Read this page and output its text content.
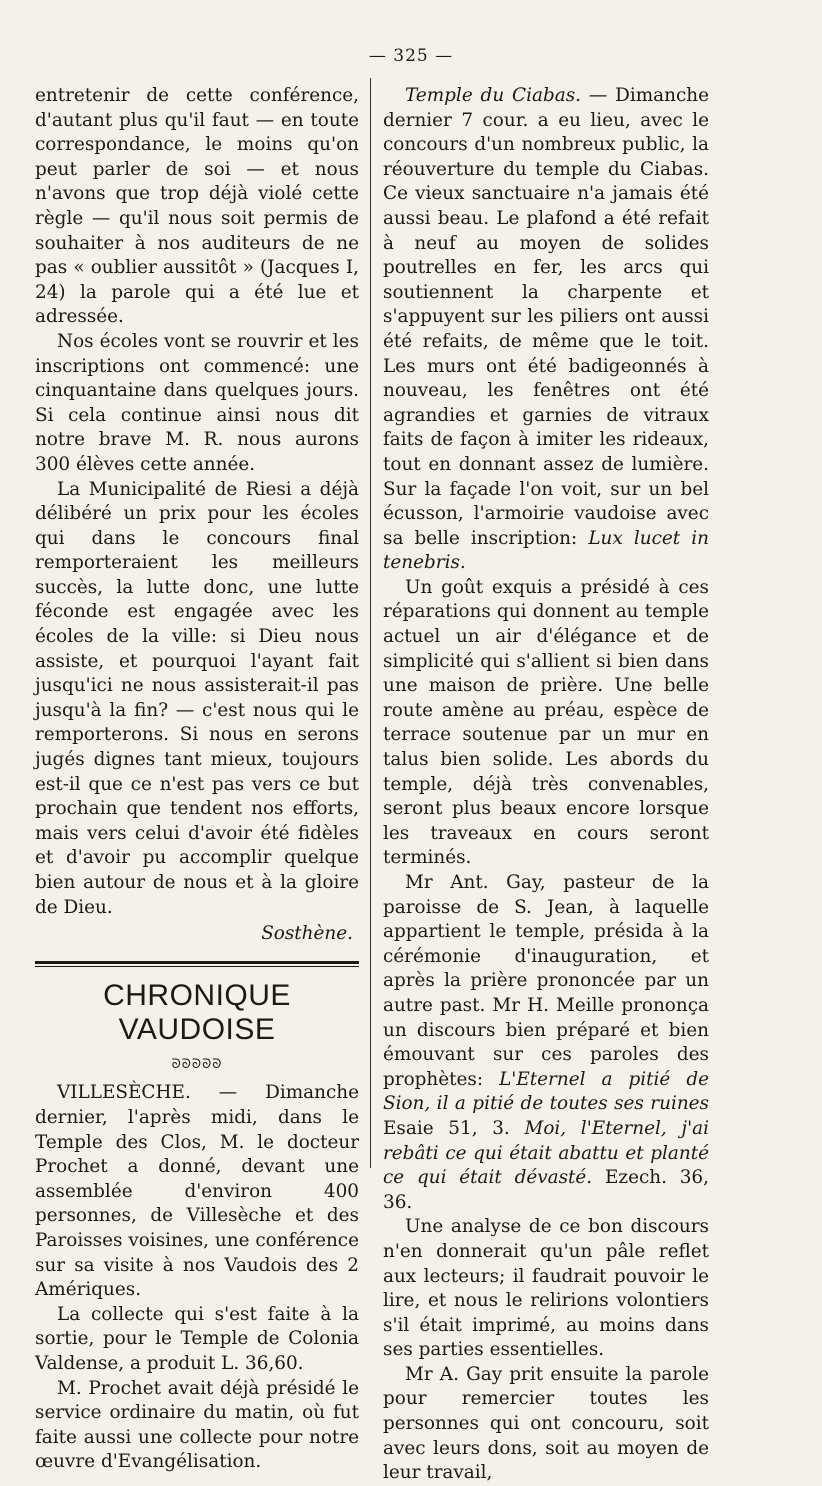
— 325 —

entretenir de cette conférence, d'autant plus qu'il faut — en toute correspondance, le moins qu'on peut parler de soi — et nous n'avons que trop déjà violé cette règle — qu'il nous soit permis de souhaiter à nos auditeurs de ne pas « oublier aussitôt » (Jacques I, 24) la parole qui a été lue et adressée.

Nos écoles vont se rouvrir et les inscriptions ont commencé: une cinquantaine dans quelques jours. Si cela continue ainsi nous dit notre brave M. R. nous aurons 300 élèves cette année.

La Municipalité de Riesi a déjà délibéré un prix pour les écoles qui dans le concours final remporteraient les meilleurs succès, la lutte donc, une lutte féconde est engagée avec les écoles de la ville: si Dieu nous assiste, et pourquoi l'ayant fait jusqu'ici ne nous assisterait-il pas jusqu'à la fin? — c'est nous qui le remporterons. Si nous en serons jugés dignes tant mieux, toujours est-il que ce n'est pas vers ce but prochain que tendent nos efforts, mais vers celui d'avoir été fidèles et d'avoir pu accomplir quelque bien autour de nous et à la gloire de Dieu.

Sosthène.

CHRONIQUE VAUDOISE
ᘐᘐᘐᘐᘐ

VILLESÈCHE. — Dimanche dernier, l'après midi, dans le Temple des Clos, M. le docteur Prochet a donné, devant une assemblée d'environ 400 personnes, de Villesèche et des Paroisses voisines, une conférence sur sa visite à nos Vaudois des 2 Amériques.

La collecte qui s'est faite à la sortie, pour le Temple de Colonia Valdense, a produit L. 36,60.

M. Prochet avait déjà présidé le service ordinaire du matin, où fut faite aussi une collecte pour notre œuvre d'Evangélisation.

Temple du Ciabas. — Dimanche dernier 7 cour. a eu lieu, avec le concours d'un nombreux public, la réouverture du temple du Ciabas. Ce vieux sanctuaire n'a jamais été aussi beau. Le plafond a été refait à neuf au moyen de solides poutrelles en fer, les arcs qui soutiennent la charpente et s'appuyent sur les piliers ont aussi été refaits, de même que le toit. Les murs ont été badigeonnés à nouveau, les fenêtres ont été agrandies et garnies de vitraux faits de façon à imiter les rideaux, tout en donnant assez de lumière. Sur la façade l'on voit, sur un bel écusson, l'armoirie vaudoise avec sa belle inscription: Lux lucet in tenebris.

Un goût exquis a présidé à ces réparations qui donnent au temple actuel un air d'élégance et de simplicité qui s'allient si bien dans une maison de prière. Une belle route amène au préau, espèce de terrace soutenue par un mur en talus bien solide. Les abords du temple, déjà très convenables, seront plus beaux encore lorsque les traveaux en cours seront terminés.

Mr Ant. Gay, pasteur de la paroisse de S. Jean, à laquelle appartient le temple, présida à la cérémonie d'inauguration, et après la prière prononcée par un autre past. Mr H. Meille prononça un discours bien préparé et bien émouvant sur ces paroles des prophètes: L'Eternel a pitié de Sion, il a pitié de toutes ses ruines Esaie 51, 3. Moi, l'Eternel, j'ai rebâti ce qui était abattu et planté ce qui était dévasté. Ezech. 36, 36.

Une analyse de ce bon discours n'en donnerait qu'un pâle reflet aux lecteurs; il faudrait pouvoir le lire, et nous le relirions volontiers s'il était imprimé, au moins dans ses parties essentielles.

Mr A. Gay prit ensuite la parole pour remercier toutes les personnes qui ont concouru, soit avec leurs dons, soit au moyen de leur travail,
